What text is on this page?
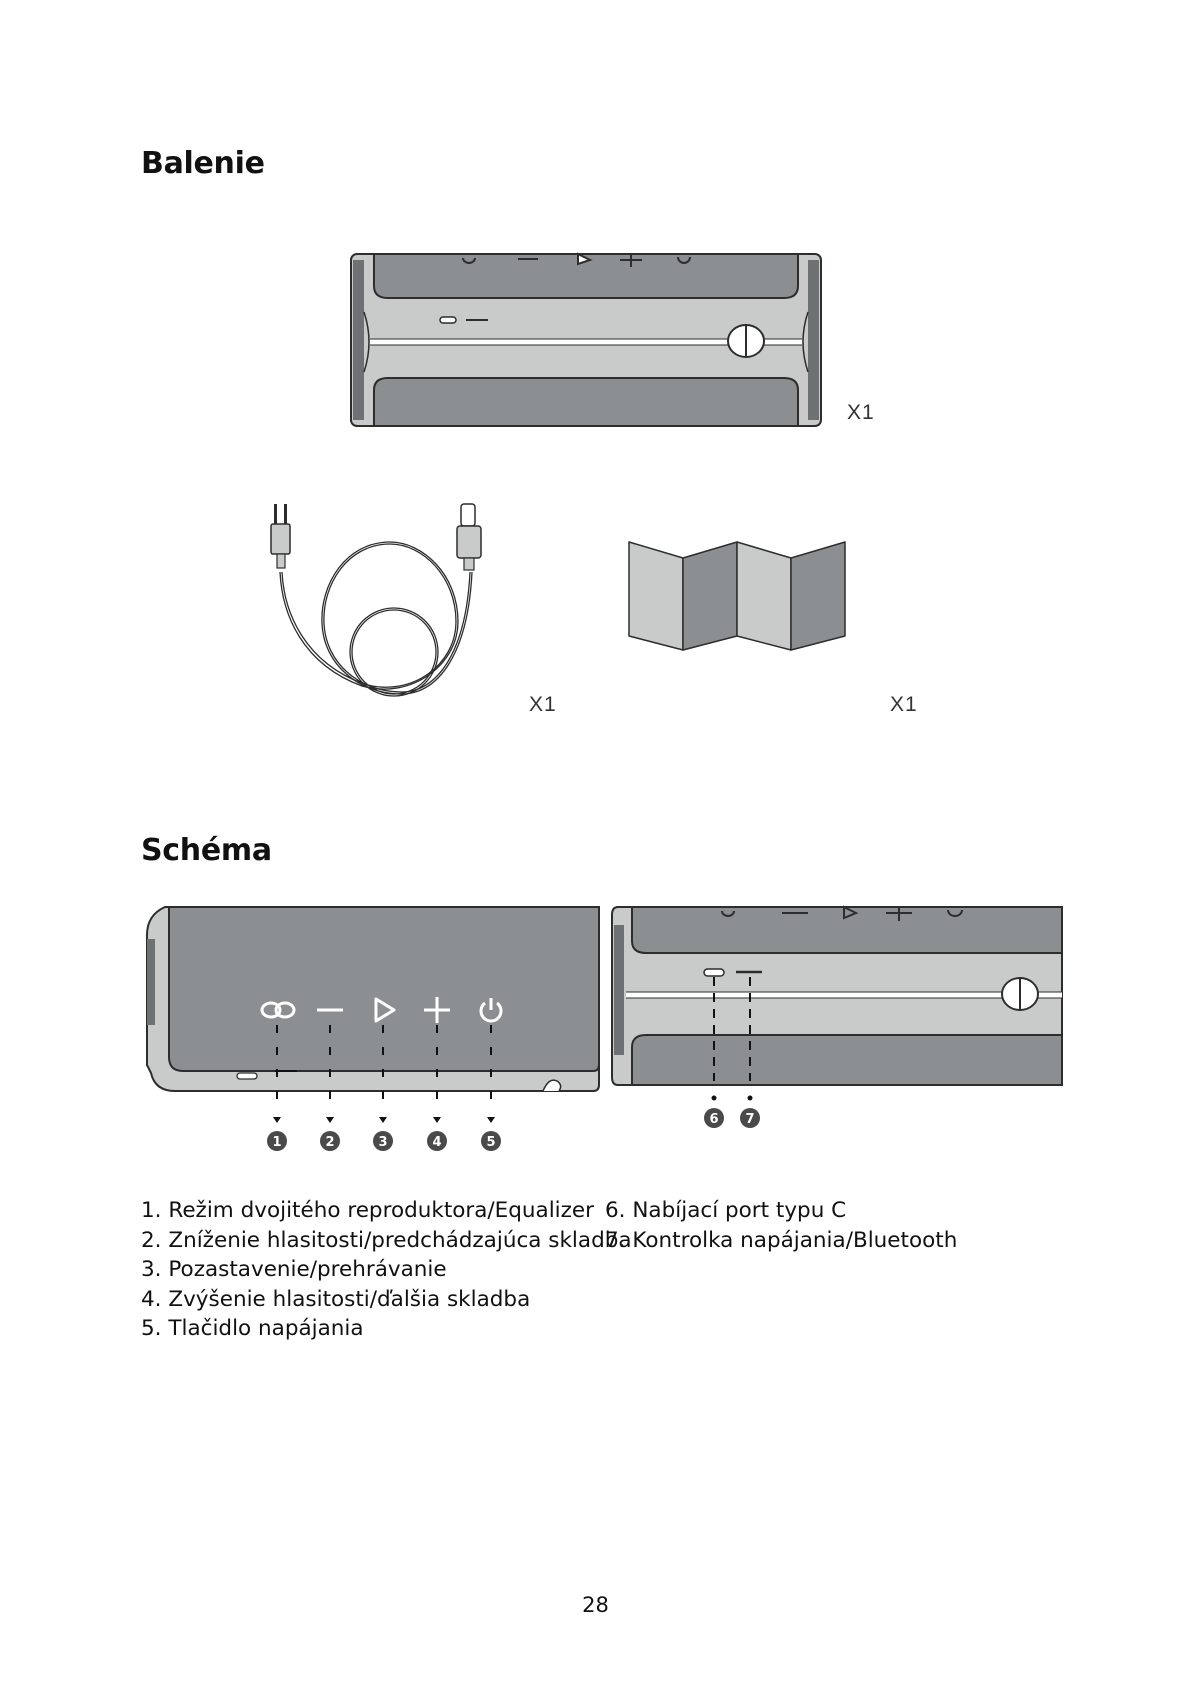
Balenie
X1
X1	X1
Schéma
1	2	3	4	5
6 7
1. Režim dvojitého reproduktora/Equalizer
2. Zníženie hlasitosti/predchádzajúca skladba
3. Pozastavenie/prehrávanie
4. Zvýšenie hlasitosti/ďalšia skladba
5. Tlačidlo napájania
6. Nabíjací port typu C
7. Kontrolka napájania/Bluetooth
28
